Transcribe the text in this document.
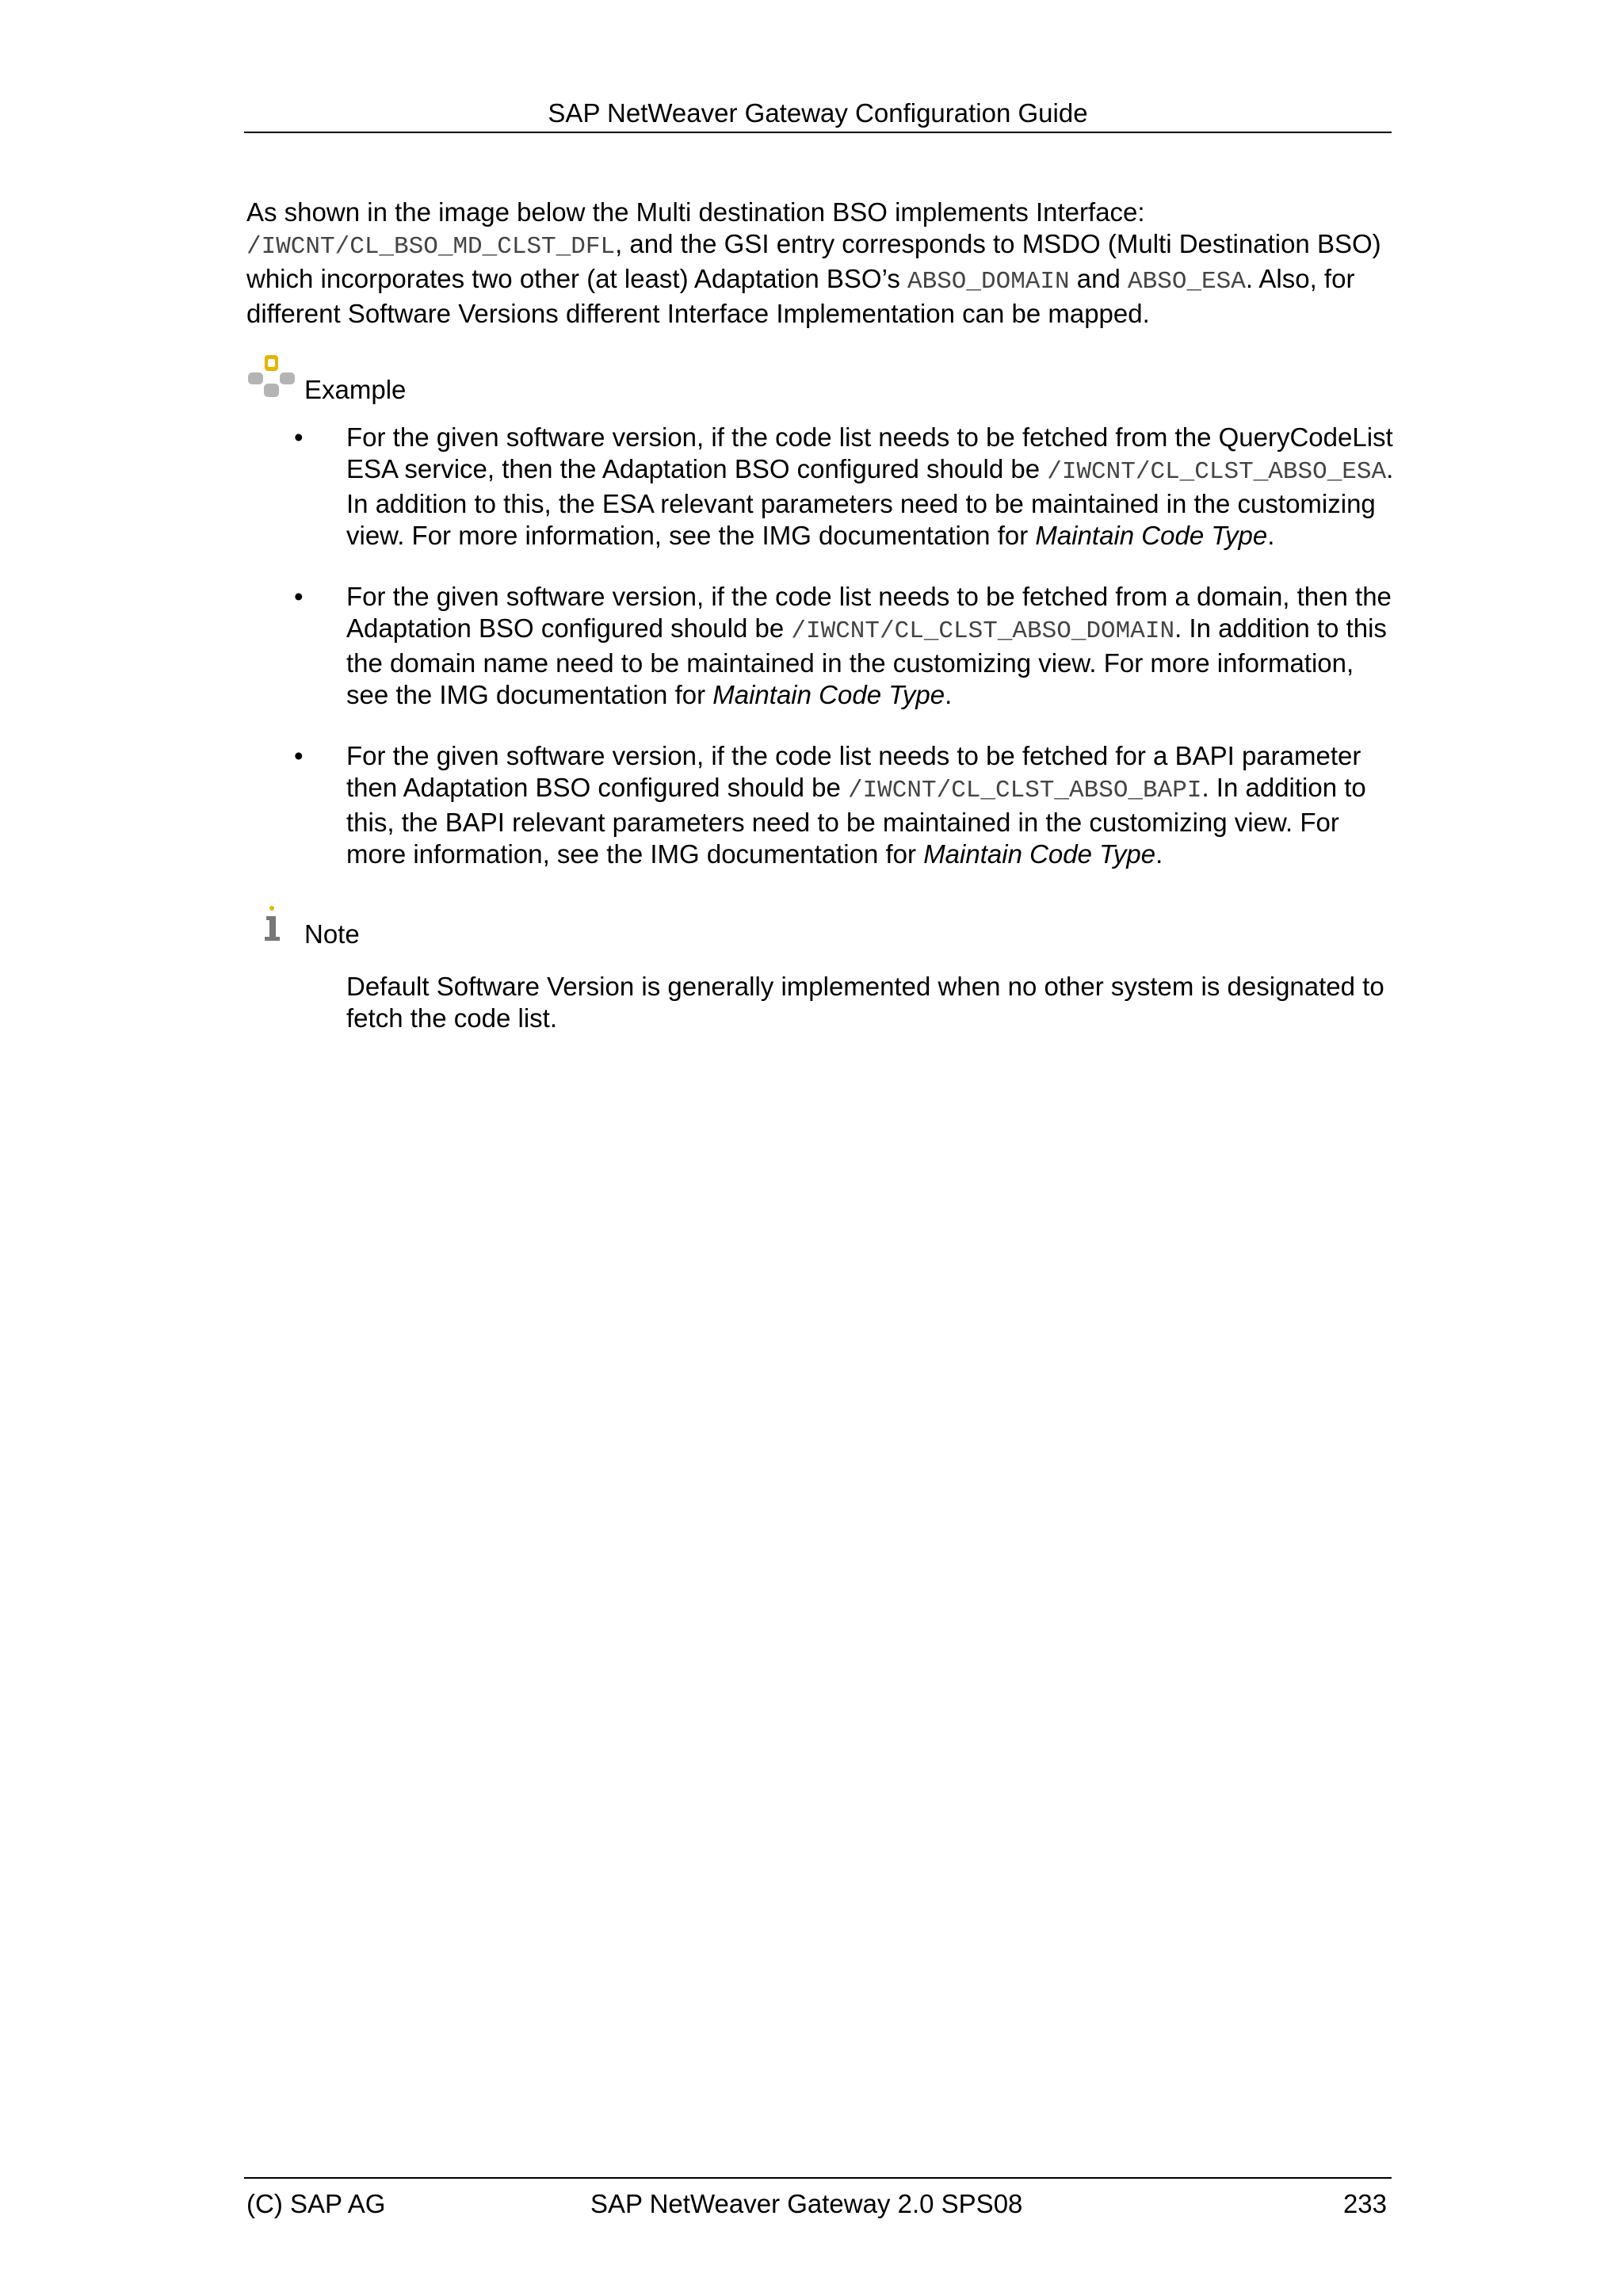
SAP NetWeaver Gateway Configuration Guide

As shown in the image below the Multi destination BSO implements Interface:
/IWCNT/CL_BSO_MD_CLST_DFL, and the GSI entry corresponds to MSDO (Multi Destination BSO) which incorporates two other (at least) Adaptation BSO’s ABSO_DOMAIN and ABSO_ESA. Also, for different Software Versions different Interface Implementation can be mapped.

Example
• For the given software version, if the code list needs to be fetched from the QueryCodeList ESA service, then the Adaptation BSO configured should be /IWCNT/CL_CLST_ABSO_ESA. In addition to this, the ESA relevant parameters need to be maintained in the customizing view. For more information, see the IMG documentation for Maintain Code Type.
• For the given software version, if the code list needs to be fetched from a domain, then the Adaptation BSO configured should be /IWCNT/CL_CLST_ABSO_DOMAIN. In addition to this the domain name need to be maintained in the customizing view. For more information, see the IMG documentation for Maintain Code Type.
• For the given software version, if the code list needs to be fetched for a BAPI parameter then Adaptation BSO configured should be /IWCNT/CL_CLST_ABSO_BAPI. In addition to this, the BAPI relevant parameters need to be maintained in the customizing view. For more information, see the IMG documentation for Maintain Code Type.
Note

Default Software Version is generally implemented when no other system is designated to fetch the code list.

(C) SAP AG	SAP NetWeaver Gateway 2.0 SPS08	233
